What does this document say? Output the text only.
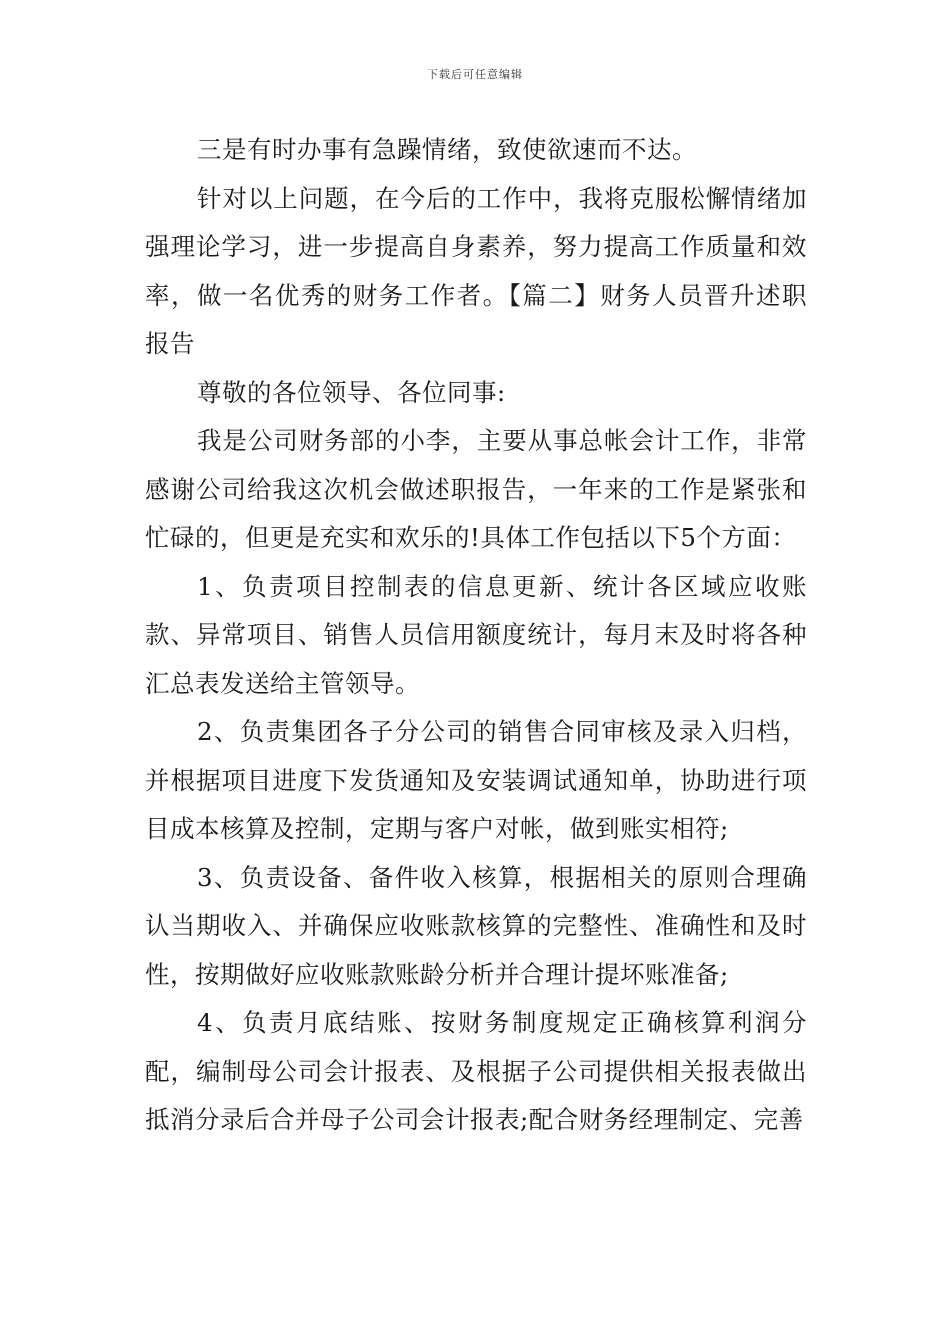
下载后可任意编辑

三是有时办事有急躁情绪，致使欲速而不达。

针对以上问题，在今后的工作中，我将克服松懈情绪加强理论学习，进一步提高自身素养，努力提高工作质量和效率，做一名优秀的财务工作者。【篇二】财务人员晋升述职报告

尊敬的各位领导、各位同事:

我是公司财务部的小李，主要从事总帐会计工作，非常感谢公司给我这次机会做述职报告，一年来的工作是紧张和忙碌的，但更是充实和欢乐的!具体工作包括以下5个方面：

1、负责项目控制表的信息更新、统计各区域应收账款、异常项目、销售人员信用额度统计，每月末及时将各种汇总表发送给主管领导。

2、负责集团各子分公司的销售合同审核及录入归档，并根据项目进度下发货通知及安装调试通知单，协助进行项目成本核算及控制，定期与客户对帐，做到账实相符;

3、负责设备、备件收入核算，根据相关的原则合理确认当期收入、并确保应收账款核算的完整性、准确性和及时性，按期做好应收账款账龄分析并合理计提坏账准备;

4、负责月底结账、按财务制度规定正确核算利润分配，编制母公司会计报表、及根据子公司提供相关报表做出抵消分录后合并母子公司会计报表;配合财务经理制定、完善
